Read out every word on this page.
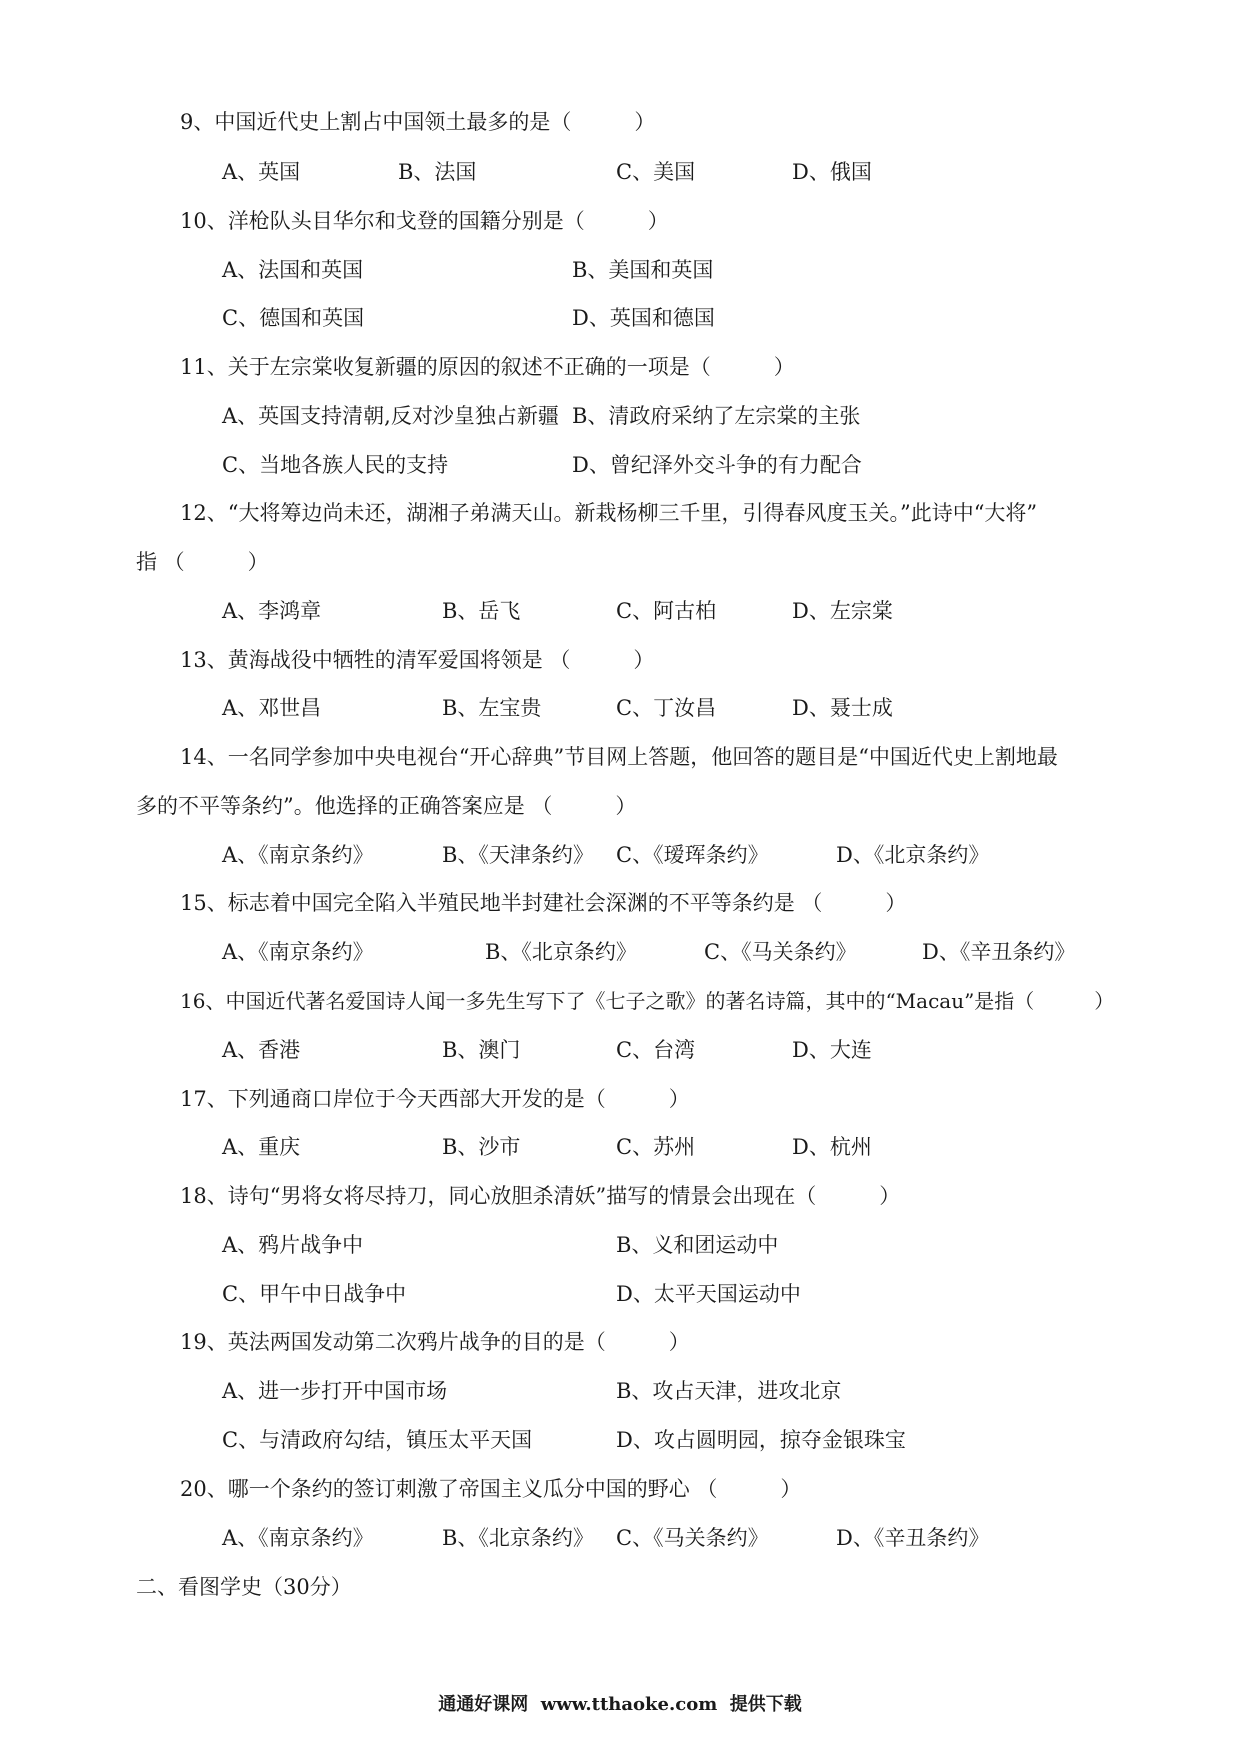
9、中国近代史上割占中国领土最多的是（　　　）
A、英国	B、法国	C、美国	D、俄国
10、洋枪队头目华尔和戈登的国籍分别是（　　　）
A、法国和英国	B、美国和英国
C、德国和英国	D、英国和德国
11、关于左宗棠收复新疆的原因的叙述不正确的一项是（　　　）
A、英国支持清朝,反对沙皇独占新疆 B、清政府采纳了左宗棠的主张
C、当地各族人民的支持	D、曾纪泽外交斗争的有力配合
12、“大将筹边尚未还，湖湘子弟满天山。新栽杨柳三千里，引得春风度玉关。”此诗中“大将”
指 （　　　）
A、李鸿章	B、岳飞	C、阿古柏	D、左宗棠
13、黄海战役中牺牲的清军爱国将领是 （　　　）
A、邓世昌	B、左宝贵	C、丁汝昌	D、聂士成
14、一名同学参加中央电视台“开心辞典”节目网上答题，他回答的题目是“中国近代史上割地最
多的不平等条约”。他选择的正确答案应是 （　　　）
A、《南京条约》	B、《天津条约》 C、《瑷珲条约》	D、《北京条约》
15、标志着中国完全陷入半殖民地半封建社会深渊的不平等条约是 （　　　）
A、《南京条约》	B、《北京条约》	C、《马关条约》	D、《辛丑条约》
16、中国近代著名爱国诗人闻一多先生写下了《七子之歌》的著名诗篇，其中的“Macau”是指（　　　）
A、香港	B、澳门	C、台湾	D、大连
17、下列通商口岸位于今天西部大开发的是（　　　）
A、重庆	B、沙市	C、苏州	D、杭州
18、诗句“男将女将尽持刀，同心放胆杀清妖”描写的情景会出现在（　　　）
A、鸦片战争中	B、义和团运动中
C、甲午中日战争中	D、太平天国运动中
19、英法两国发动第二次鸦片战争的目的是（　　　）
A、进一步打开中国市场	B、攻占天津，进攻北京
C、与清政府勾结，镇压太平天国	D、攻占圆明园，掠夺金银珠宝
20、哪一个条约的签订刺激了帝国主义瓜分中国的野心 （　　　）
A、《南京条约》	B、《北京条约》 C、《马关条约》	D、《辛丑条约》
二、看图学史（30分）
通通好课网  www.tthaoke.com  提供下载
